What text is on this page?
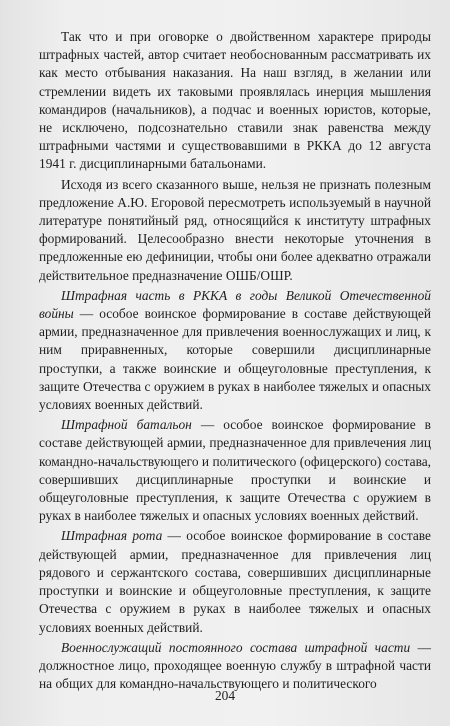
Так что и при оговорке о двойственном характере природы штрафных частей, автор считает необоснованным рассматривать их как место отбывания наказания. На наш взгляд, в желании или стремлении видеть их таковыми проявлялась инерция мышления командиров (начальников), а подчас и военных юристов, которые, не исключено, подсознательно ставили знак равенства между штрафными частями и существовавшими в РККА до 12 августа 1941 г. дисциплинарными батальонами.

Исходя из всего сказанного выше, нельзя не признать полезным предложение А.Ю. Егоровой пересмотреть используемый в научной литературе понятийный ряд, относящийся к институту штрафных формирований. Целесообразно внести некоторые уточнения в предложенные ею дефиниции, чтобы они более адекватно отражали действительное предназначение ОШБ/ОШР.

Штрафная часть в РККА в годы Великой Отечественной войны — особое воинское формирование в составе действующей армии, предназначенное для привлечения военнослужащих и лиц, к ним приравненных, которые совершили дисциплинарные проступки, а также воинские и общеуголовные преступления, к защите Отечества с оружием в руках в наиболее тяжелых и опасных условиях военных действий.

Штрафной батальон — особое воинское формирование в составе действующей армии, предназначенное для привлечения лиц командно-начальствующего и политического (офицерского) состава, совершивших дисциплинарные проступки и воинские и общеуголовные преступления, к защите Отечества с оружием в руках в наиболее тяжелых и опасных условиях военных действий.

Штрафная рота — особое воинское формирование в составе действующей армии, предназначенное для привлечения лиц рядового и сержантского состава, совершивших дисциплинарные проступки и воинские и общеуголовные преступления, к защите Отечества с оружием в руках в наиболее тяжелых и опасных условиях военных действий.

Военнослужащий постоянного состава штрафной части — должностное лицо, проходящее военную службу в штрафной части на общих для командно-начальствующего и политического

204
